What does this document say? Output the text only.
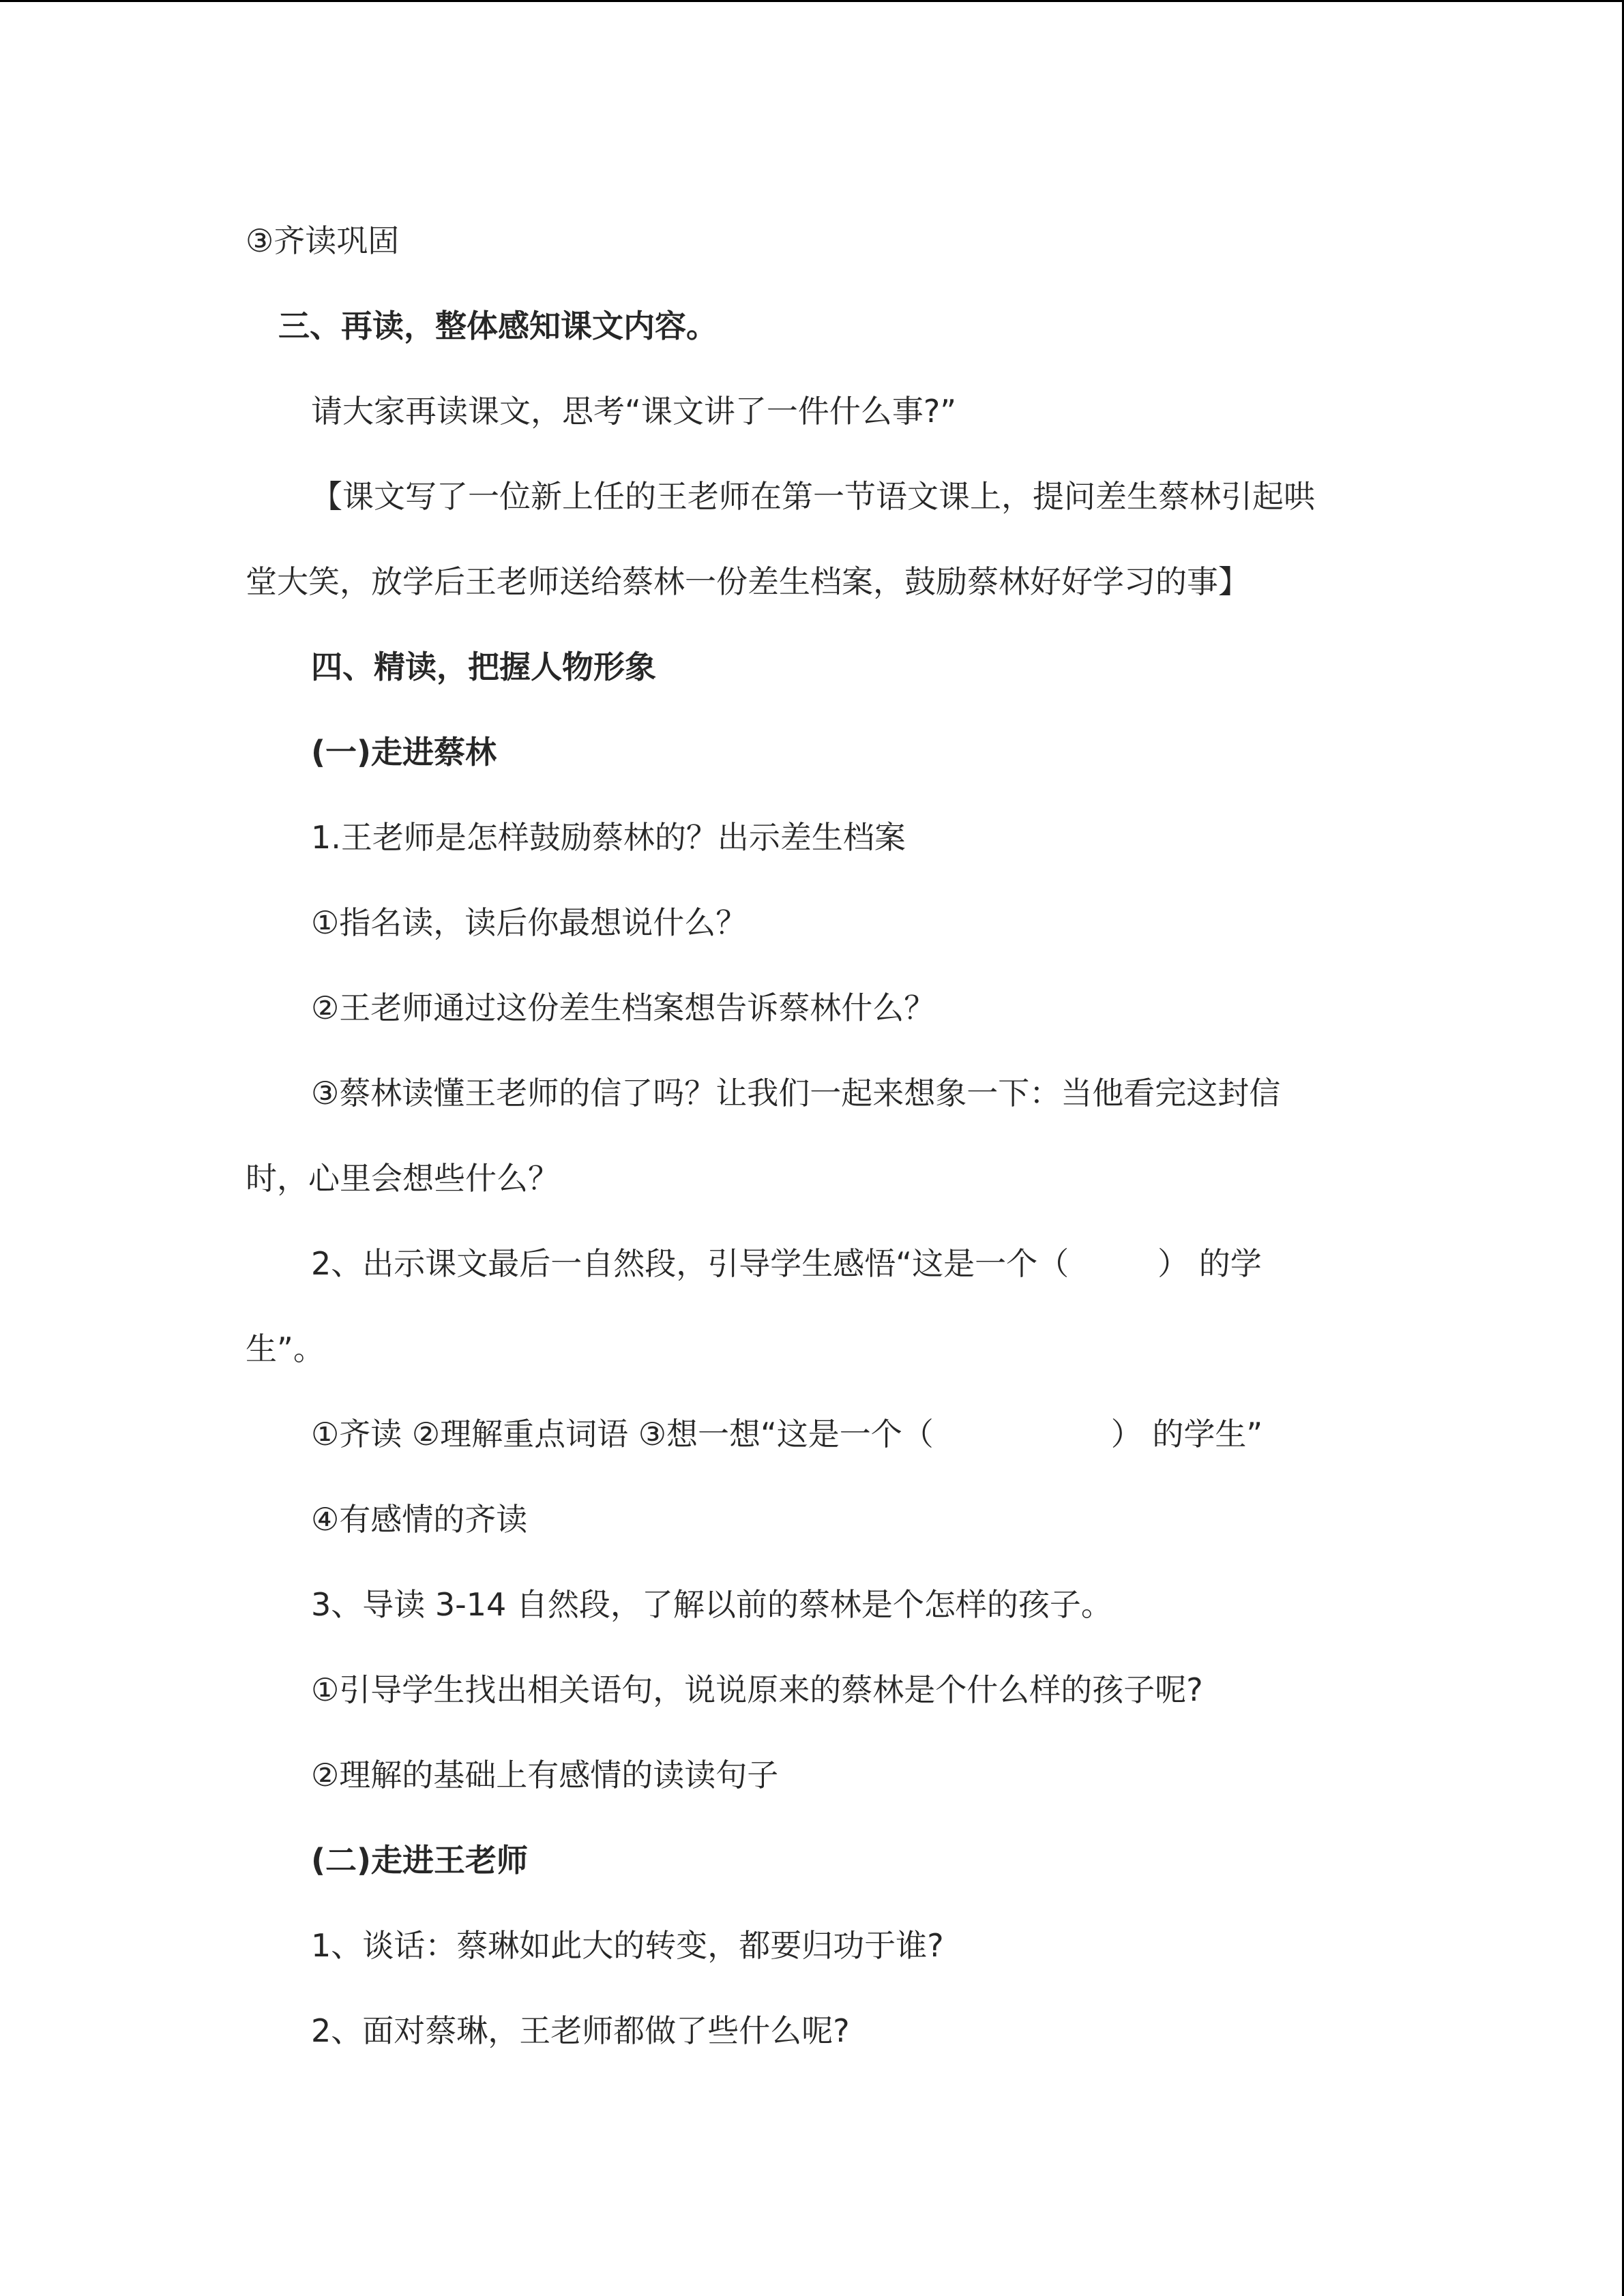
③齐读巩固
三、再读，整体感知课文内容。
请大家再读课文，思考“课文讲了一件什么事?”
【课文写了一位新上任的王老师在第一节语文课上，提问差生蔡林引起哄
堂大笑，放学后王老师送给蔡林一份差生档案，鼓励蔡林好好学习的事】
四、精读，把握人物形象
(一)走进蔡林
1.王老师是怎样鼓励蔡林的？出示差生档案
①指名读，读后你最想说什么？
②王老师通过这份差生档案想告诉蔡林什么？
③蔡林读懂王老师的信了吗？让我们一起来想象一下：当他看完这封信
时，心里会想些什么？
2、出示课文最后一自然段，引导学生感悟“这是一个（	） 的学
生”。
①齐读 ②理解重点词语 ③想一想“这是一个（	） 的学生”
④有感情的齐读
3、导读 3-14 自然段，了解以前的蔡林是个怎样的孩子。
①引导学生找出相关语句，说说原来的蔡林是个什么样的孩子呢?
②理解的基础上有感情的读读句子
(二)走进王老师
1、谈话：蔡琳如此大的转变，都要归功于谁?
2、面对蔡琳，王老师都做了些什么呢?
